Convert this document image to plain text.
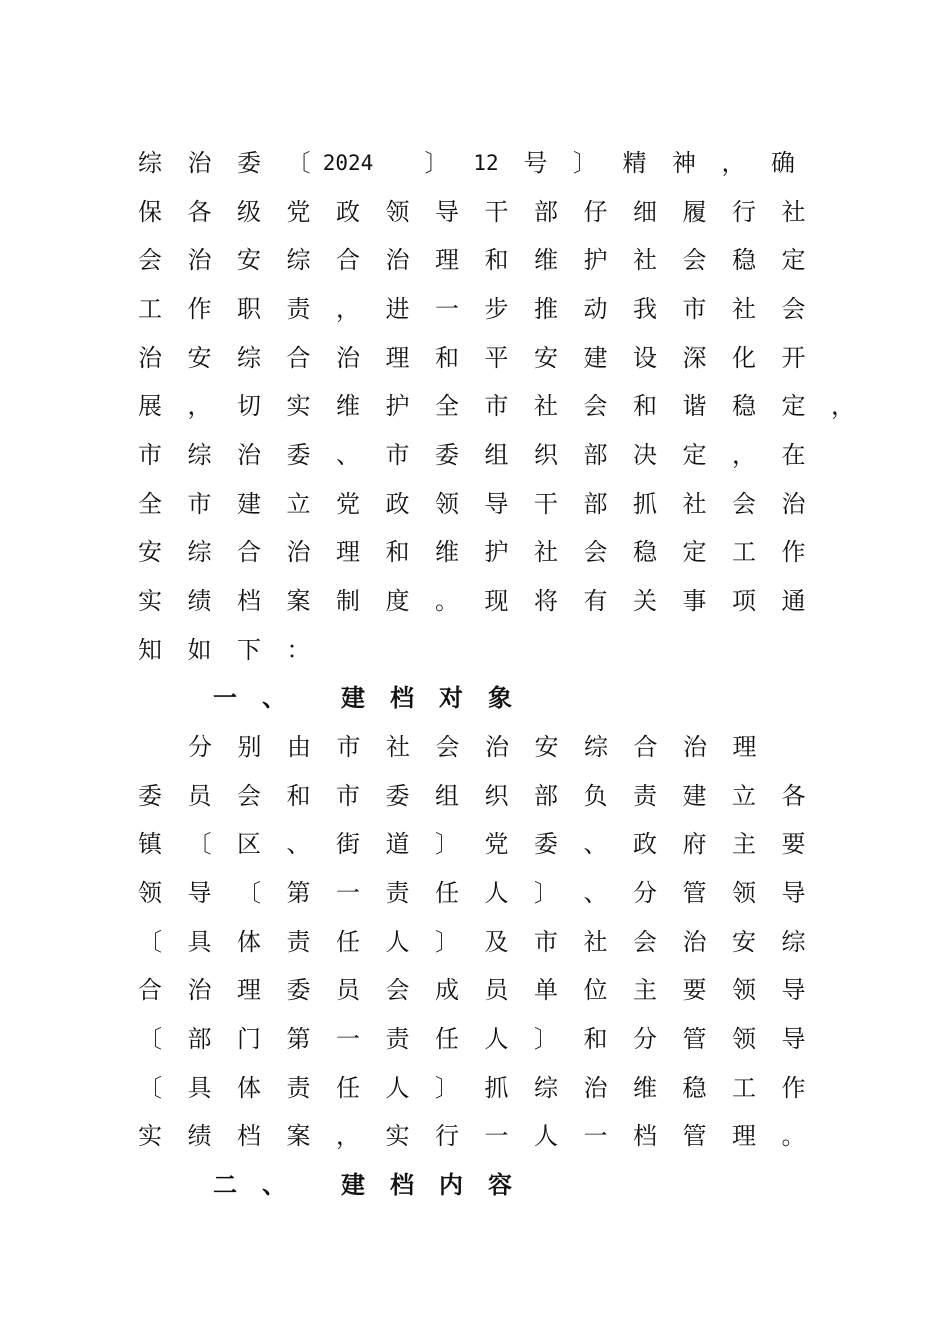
综	治	委	〔 2024	〕	12	号	〕	精	神	，	确
保	各	级	党	政	领	导	干	部	仔	细	履	行	社
会	治	安	综	合	治	理	和	维	护	社	会	稳	定
工	作	职	责	，	进	一	步	推	动	我	市	社	会
治	安	综	合	治	理	和	平	安	建	设	深	化	开
展	，	切	实	维	护	全	市	社	会	和	谐	稳	定	，
市	综	治	委	、	市	委	组	织	部	决	定	，	在
全	市	建	立	党	政	领	导	干	部	抓	社	会	治
安	综	合	治	理	和	维	护	社	会	稳	定	工	作
实	绩	档	案	制	度	。	现	将	有	关	事	项	通
知	如	下	：
一	、	建	档	对	象
分	别	由	市	社	会	治	安	综	合	治	理
委	员	会	和	市	委	组	织	部	负	责	建	立	各
镇	〔	区	、	街	道	〕	党	委	、	政	府	主	要
领	导	〔	第	一	责	任	人	〕	、	分	管	领	导
〔	具	体	责	任	人	〕	及	市	社	会	治	安	综
合	治	理	委	员	会	成	员	单	位	主	要	领	导
〔	部	门	第	一	责	任	人	〕	和	分	管	领	导
〔	具	体	责	任	人	〕	抓	综	治	维	稳	工	作
实	绩	档	案	，	实	行	一	人	一	档	管	理	。
二	、	建	档	内	容
